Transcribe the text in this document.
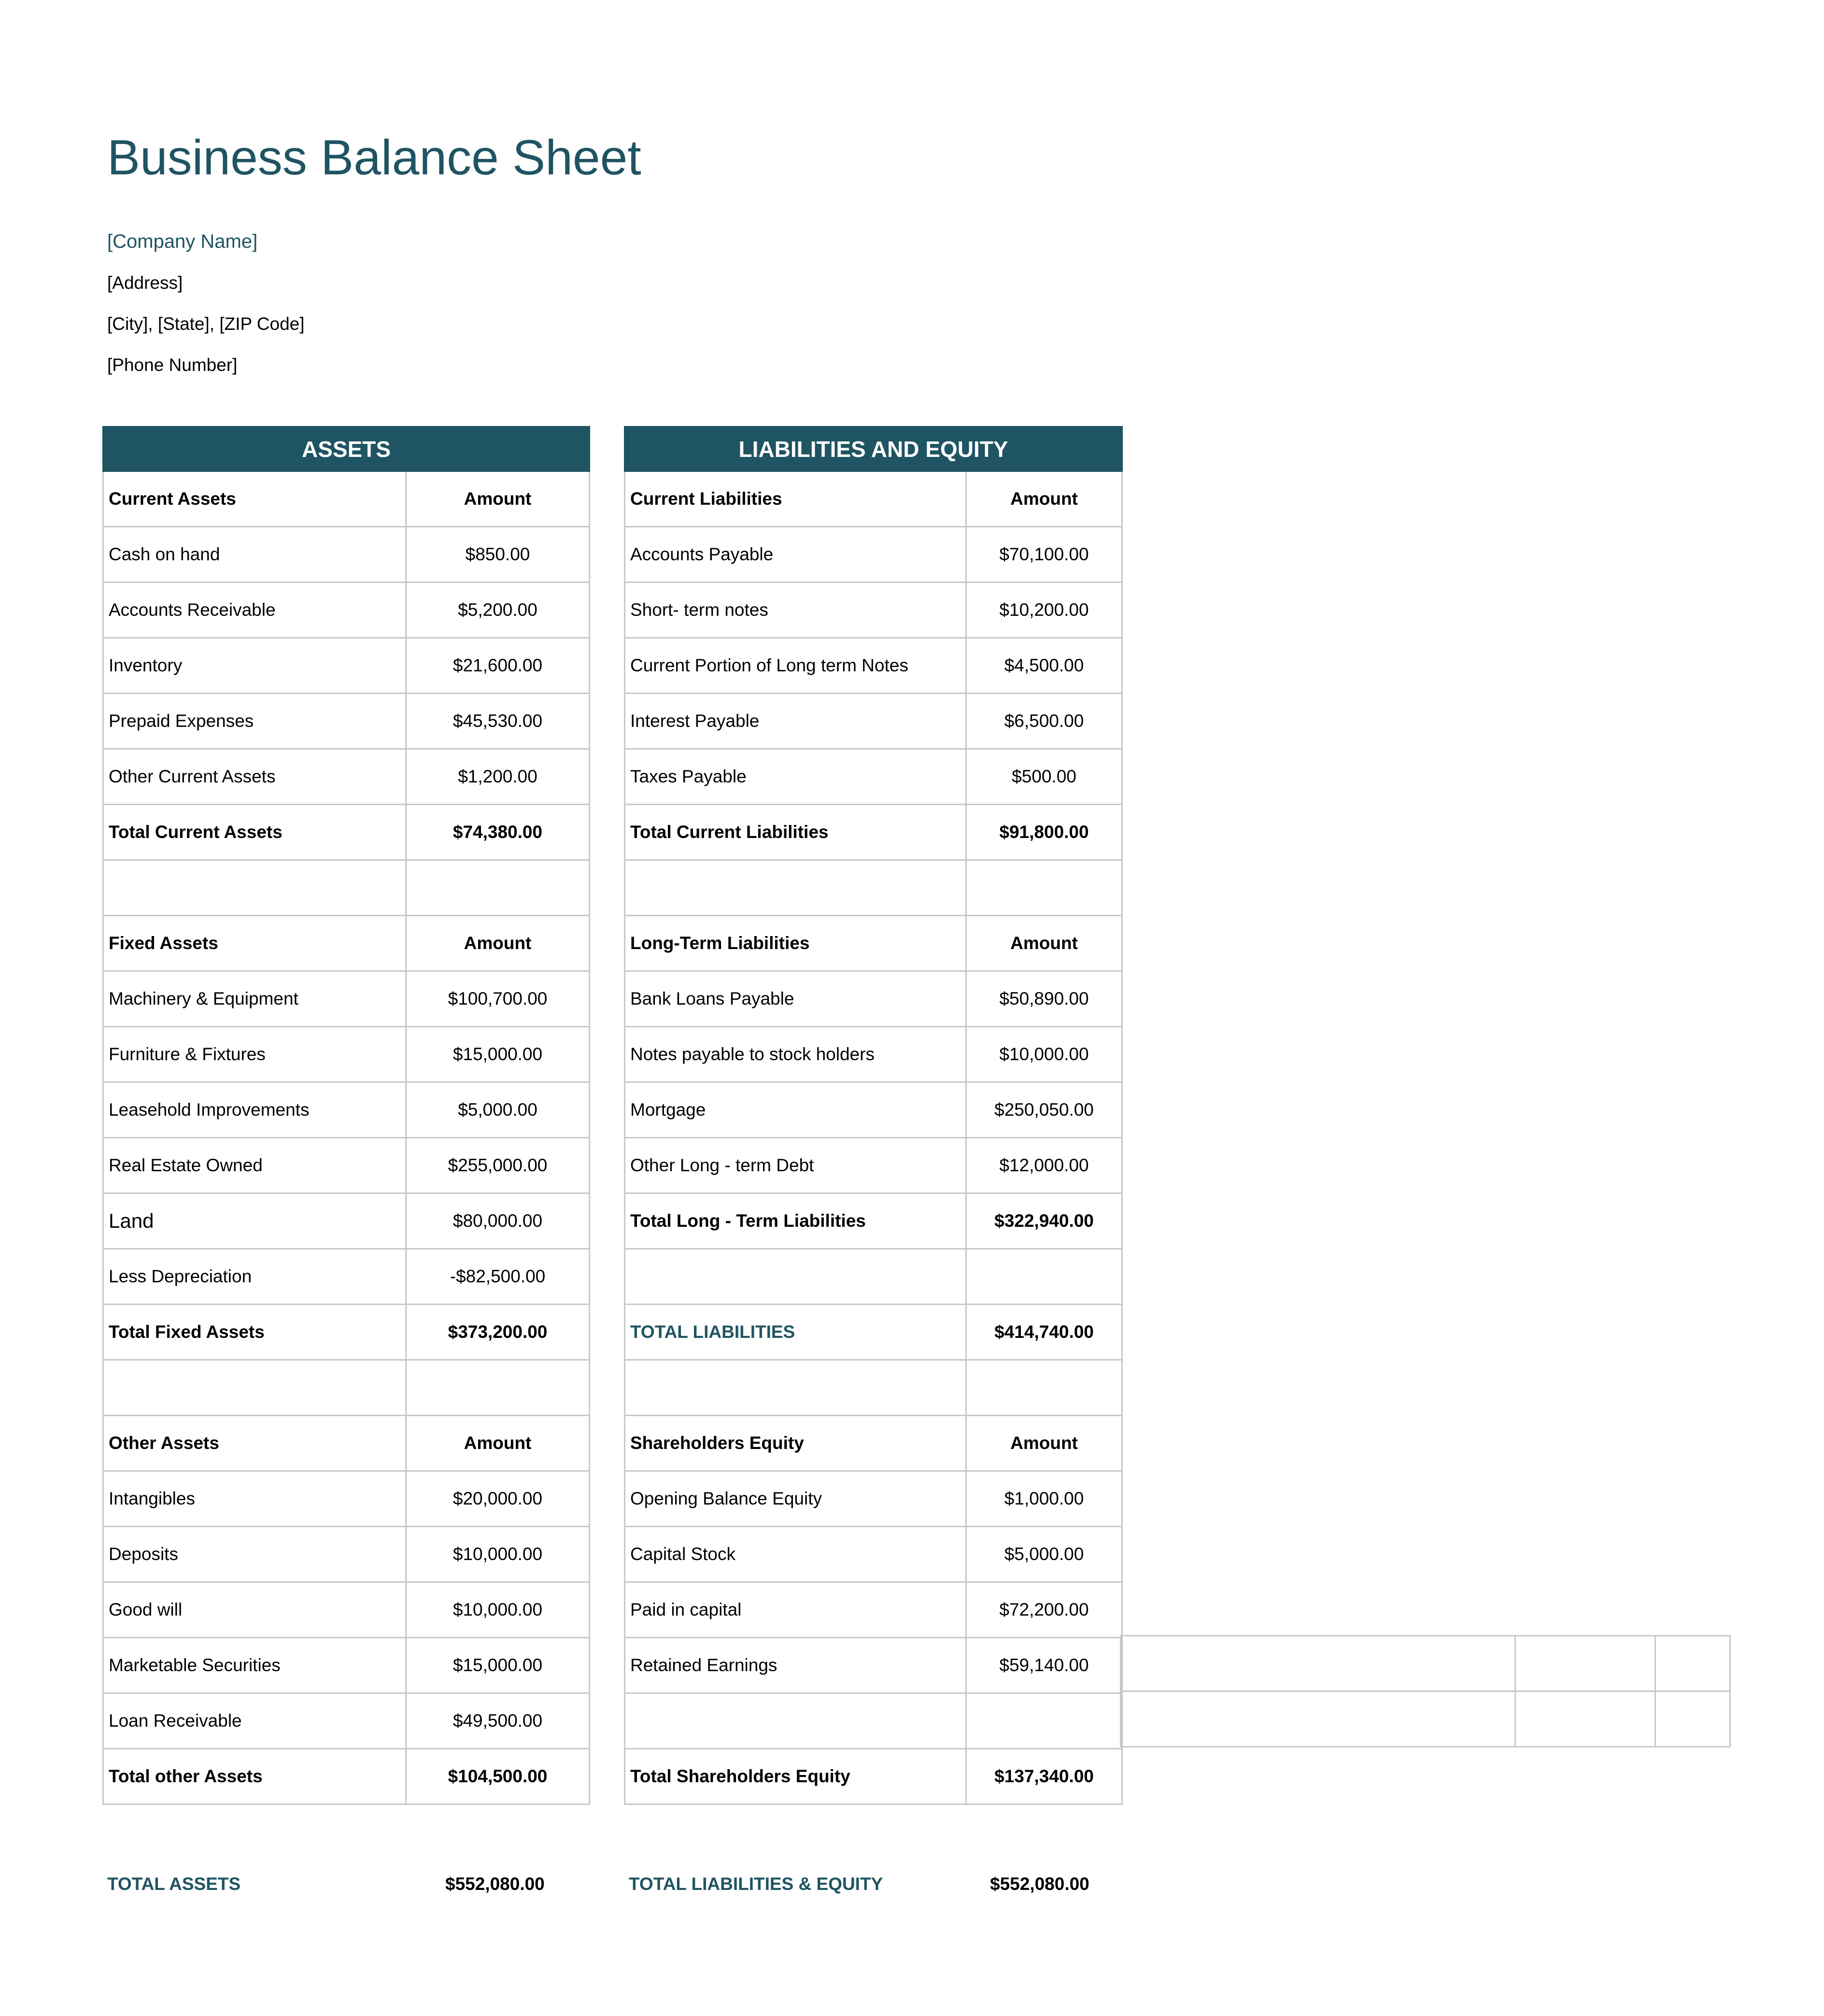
Business Balance Sheet
[Company Name]
[Address]
[City], [State], [ZIP Code]
[Phone Number]
ASSETS	
Current Assets	Amount
Cash on hand	$850.00
Accounts Receivable	$5,200.00
Inventory	$21,600.00
Prepaid Expenses	$45,530.00
Other Current Assets	$1,200.00
Total Current Assets	$74,380.00

Fixed Assets	Amount
Machinery & Equipment	$100,700.00
Furniture & Fixtures	$15,000.00
Leasehold Improvements	$5,000.00
Real Estate Owned	$255,000.00
Land	$80,000.00
Less Depreciation	-$82,500.00
Total Fixed Assets	$373,200.00

Other Assets	Amount
Intangibles	$20,000.00
Deposits	$10,000.00
Good will	$10,000.00
Marketable Securities	$15,000.00
Loan Receivable	$49,500.00
Total other Assets	$104,500.00
LIABILITIES AND EQUITY	
Current Liabilities	Amount
Accounts Payable	$70,100.00
Short- term notes	$10,200.00
Current Portion of Long term Notes	$4,500.00
Interest Payable	$6,500.00
Taxes Payable	$500.00
Total Current Liabilities	$91,800.00

Long-Term Liabilities	Amount
Bank Loans Payable	$50,890.00
Notes payable to stock holders	$10,000.00
Mortgage	$250,050.00
Other Long - term Debt	$12,000.00
Total Long - Term Liabilities	$322,940.00

TOTAL LIABILITIES	$414,740.00

Shareholders Equity	Amount
Opening Balance Equity	$1,000.00
Capital Stock	$5,000.00
Paid in capital	$72,200.00
Retained Earnings	$59,140.00

Total Shareholders Equity	$137,340.00

TOTAL ASSETS	$552,080.00	TOTAL LIABILITIES & EQUITY	$552,080.00
